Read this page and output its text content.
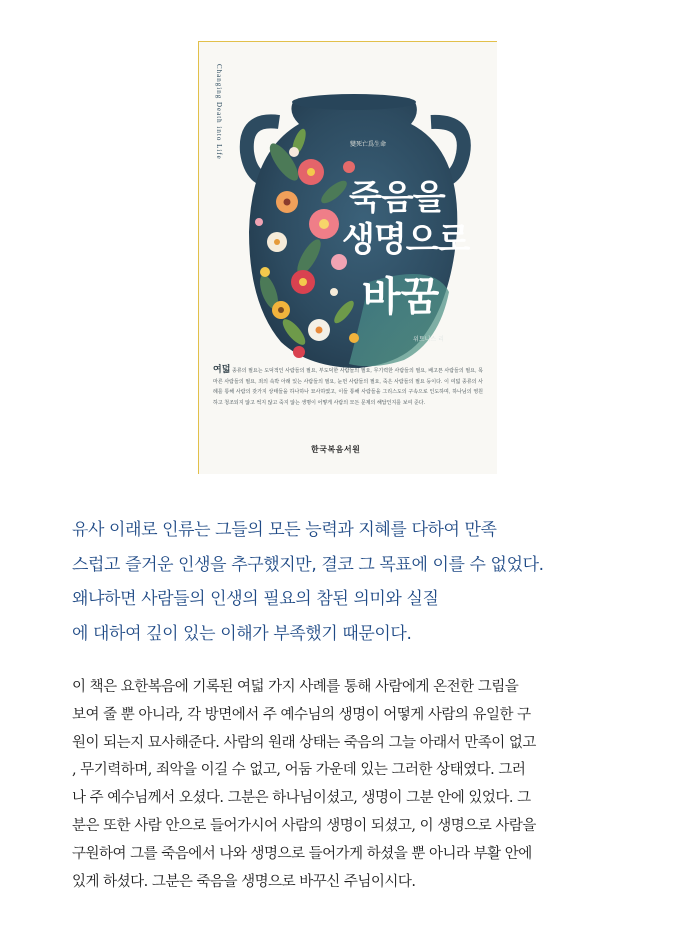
Changing Death into Life	變死亡爲生命
죽음을
생명으로
바꿈
위트니스 리
여덟 종류의 필요는 도덕적인 사람들의 필요, 부도덕한 사람들의 필요, 무기력한 사람들의 필요, 배고픈 사람들의 필요, 목마른 사람들의 필요, 죄의 속박 아래 있는 사람들의 필요, 눈먼 사람들의 필요, 죽은 사람들의 필요 등이다. 이 여덟 종류의 사례를 통해 사람의 갖가지 상태들을 하나하나 묘사하였고, 이들 통해 사람들을 그리스도의 구속으로 인도하며, 하나님의 영원하고 청조되지 않고 썩지 않고 죽지 않는 생명이 어떻게 사람의 모든 문제의 해답인지를 보여 준다.
한국복음서원
유사 이래로 인류는 그들의 모든 능력과 지혜를 다하여 만족
스럽고 즐거운 인생을 추구했지만, 결코 그 목표에 이를 수 없었다.
왜냐하면 사람들의 인생의 필요의 참된 의미와 실질
에 대하여 깊이 있는 이해가 부족했기 때문이다.
이 책은 요한복음에 기록된 여덟 가지 사례를 통해 사람에게 온전한 그림을
보여 줄 뿐 아니라, 각 방면에서 주 예수님의 생명이 어떻게 사람의 유일한 구
원이 되는지 묘사해준다. 사람의 원래 상태는 죽음의 그늘 아래서 만족이 없고
, 무기력하며, 죄악을 이길 수 없고, 어둠 가운데 있는 그러한 상태였다. 그러
나 주 예수님께서 오셨다. 그분은 하나님이셨고, 생명이 그분 안에 있었다. 그
분은 또한 사람 안으로 들어가시어 사람의 생명이 되셨고, 이 생명으로 사람을
구원하여 그를 죽음에서 나와 생명으로 들어가게 하셨을 뿐 아니라 부활 안에
있게 하셨다. 그분은 죽음을 생명으로 바꾸신 주님이시다.
